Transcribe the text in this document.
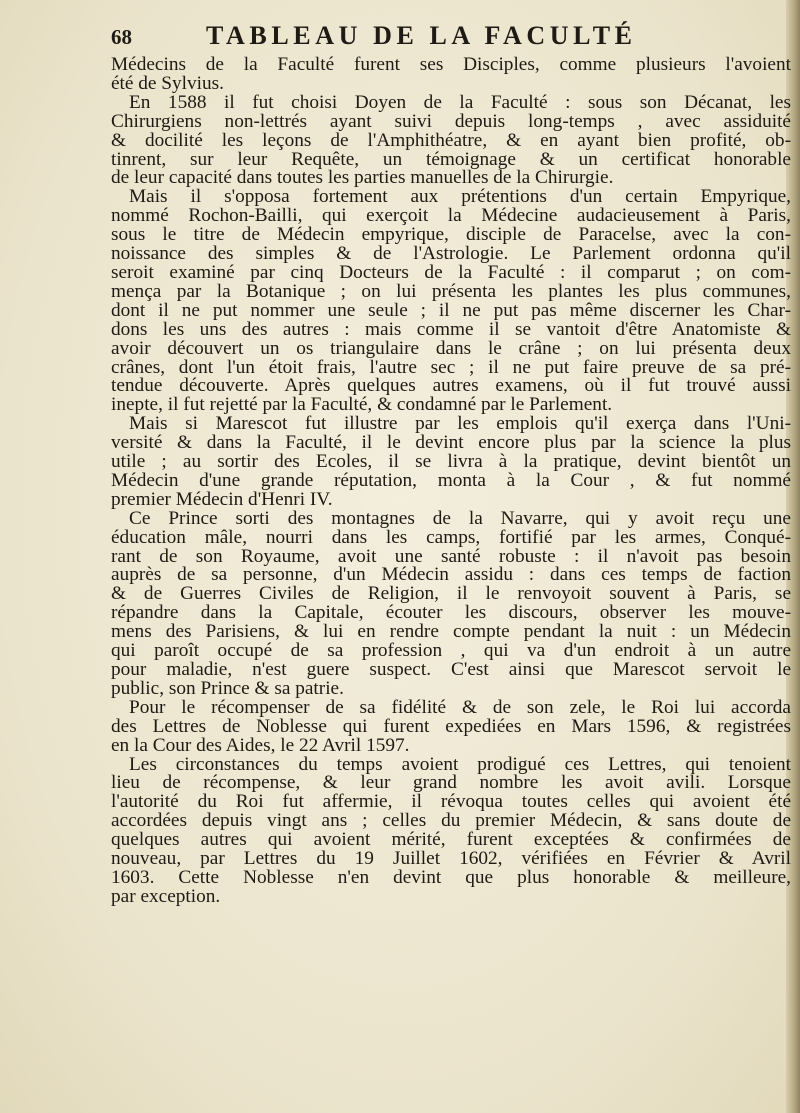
68	TABLEAU DE LA FACULTÉ
Médecins de la Faculté furent ses Disciples, comme plusieurs l'avoient
été de Sylvius.
En 1588 il fut choisi Doyen de la Faculté : sous son Décanat, les
Chirurgiens non-lettrés ayant suivi depuis long-temps , avec assiduité
& docilité les leçons de l'Amphithéatre, & en ayant bien profité, ob-
tinrent, sur leur Requête, un témoignage & un certificat honorable
de leur capacité dans toutes les parties manuelles de la Chirurgie.
Mais il s'opposa fortement aux prétentions d'un certain Empyrique,
nommé Rochon-Bailli, qui exerçoit la Médecine audacieusement à Paris,
sous le titre de Médecin empyrique, disciple de Paracelse, avec la con-
noissance des simples & de l'Astrologie. Le Parlement ordonna qu'il
seroit examiné par cinq Docteurs de la Faculté : il comparut ; on com-
mença par la Botanique ; on lui présenta les plantes les plus communes,
dont il ne put nommer une seule ; il ne put pas même discerner les Char-
dons les uns des autres : mais comme il se vantoit d'être Anatomiste &
avoir découvert un os triangulaire dans le crâne ; on lui présenta deux
crânes, dont l'un étoit frais, l'autre sec ; il ne put faire preuve de sa pré-
tendue découverte. Après quelques autres examens, où il fut trouvé aussi
inepte, il fut rejetté par la Faculté, & condamné par le Parlement.
Mais si Marescot fut illustre par les emplois qu'il exerça dans l'Uni-
versité & dans la Faculté, il le devint encore plus par la science la plus
utile ; au sortir des Ecoles, il se livra à la pratique, devint bientôt un
Médecin d'une grande réputation, monta à la Cour , & fut nommé
premier Médecin d'Henri IV.
Ce Prince sorti des montagnes de la Navarre, qui y avoit reçu une
éducation mâle, nourri dans les camps, fortifié par les armes, Conqué-
rant de son Royaume, avoit une santé robuste : il n'avoit pas besoin
auprès de sa personne, d'un Médecin assidu : dans ces temps de faction
& de Guerres Civiles de Religion, il le renvoyoit souvent à Paris, se
répandre dans la Capitale, écouter les discours, observer les mouve-
mens des Parisiens, & lui en rendre compte pendant la nuit : un Médecin
qui paroît occupé de sa profession , qui va d'un endroit à un autre
pour maladie, n'est guere suspect. C'est ainsi que Marescot servoit le
public, son Prince & sa patrie.
Pour le récompenser de sa fidélité & de son zele, le Roi lui accorda
des Lettres de Noblesse qui furent expediées en Mars 1596, & registrées
en la Cour des Aides, le 22 Avril 1597.
Les circonstances du temps avoient prodigué ces Lettres, qui tenoient
lieu de récompense, & leur grand nombre les avoit avili. Lorsque
l'autorité du Roi fut affermie, il révoqua toutes celles qui avoient été
accordées depuis vingt ans ; celles du premier Médecin, & sans doute de
quelques autres qui avoient mérité, furent exceptées & confirmées de
nouveau, par Lettres du 19 Juillet 1602, vérifiées en Février & Avril
1603. Cette Noblesse n'en devint que plus honorable & meilleure,
par exception.
